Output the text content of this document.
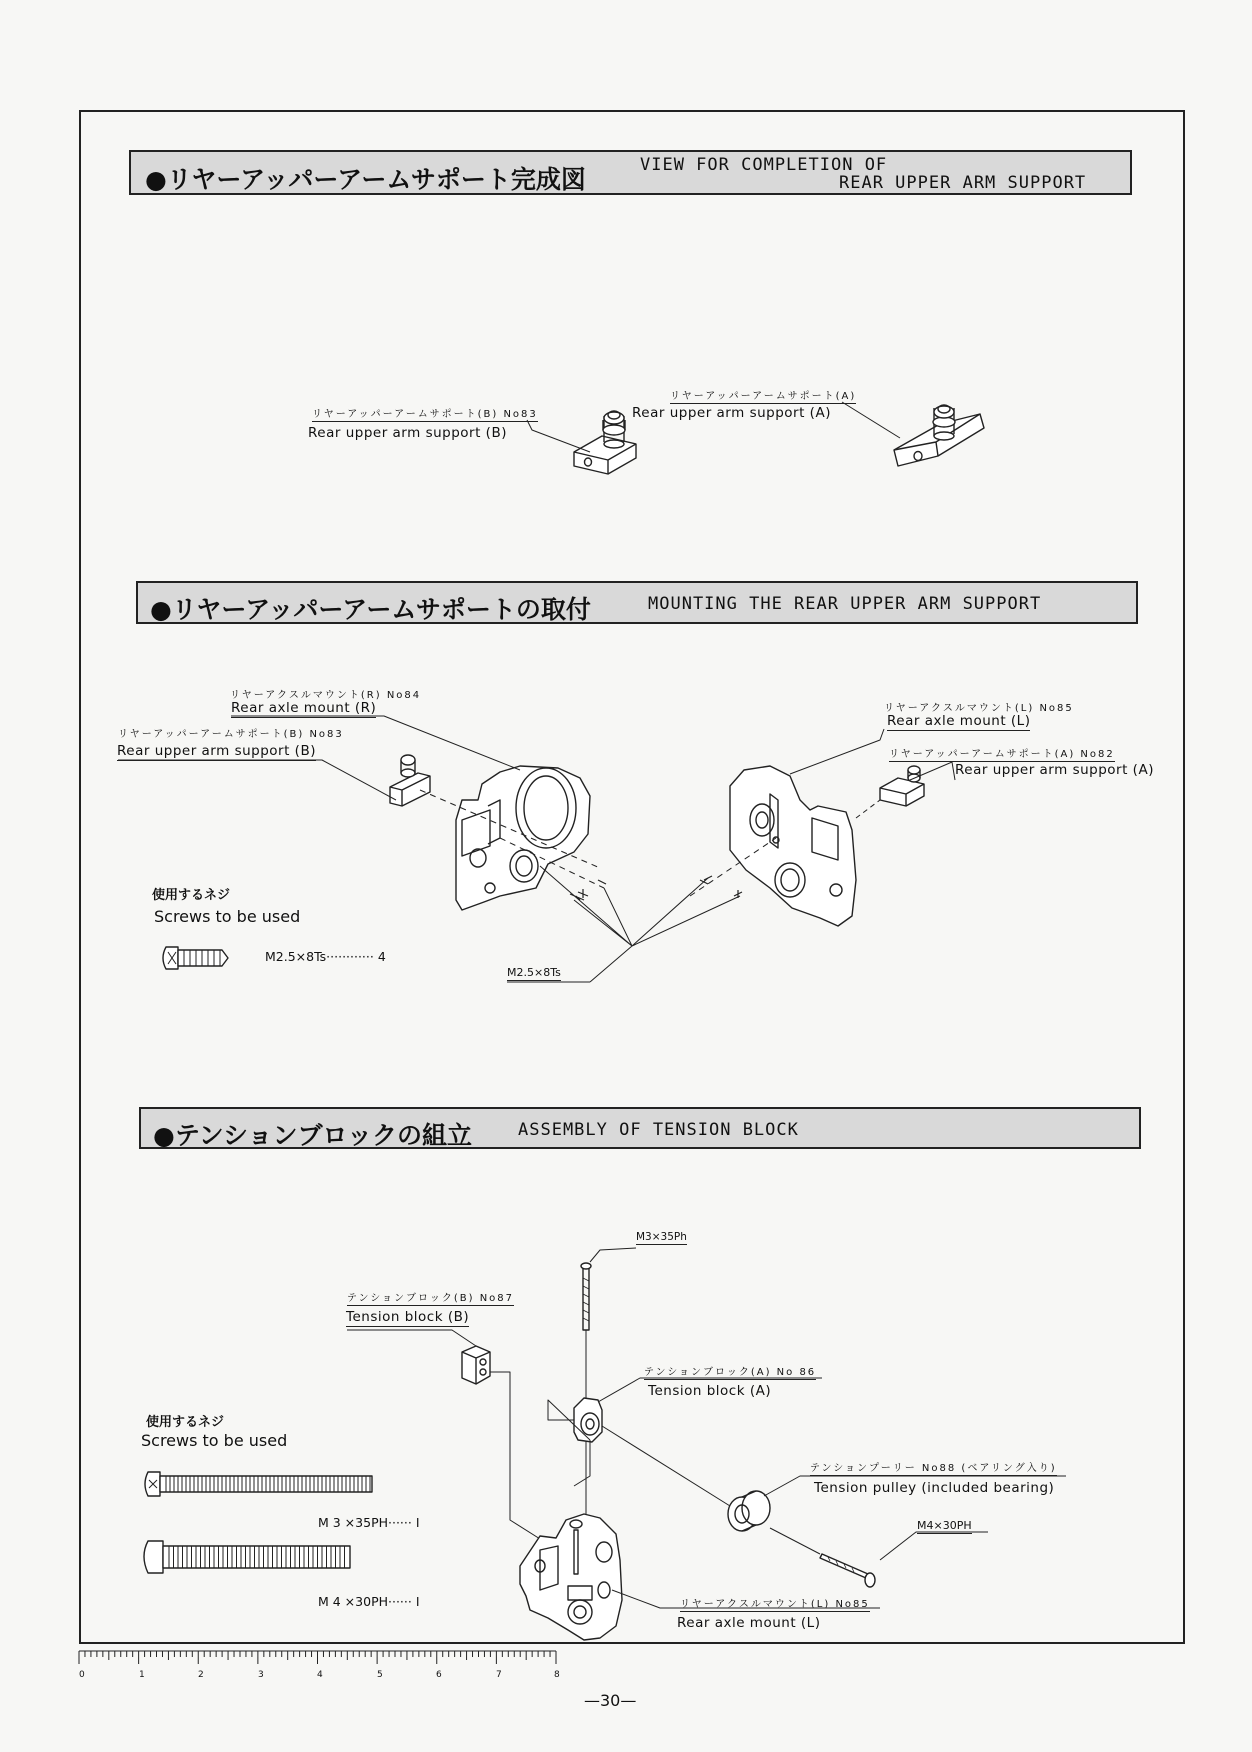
●リヤーアッパーアームサポート完成図	VIEW FOR COMPLETION OF
REAR UPPER ARM SUPPORT
リヤーアッパーアームサポート(B) No83
Rear upper arm support (B)
リヤーアッパーアームサポート(A)
Rear upper arm support (A)
●リヤーアッパーアームサポートの取付	MOUNTING THE REAR UPPER ARM SUPPORT
リヤーアクスルマウント(R) No84
Rear axle mount (R)
リヤーアッパーアームサポート(B) No83
Rear upper arm support (B)
リヤーアクスルマウント(L) No85
Rear axle mount (L)
リヤーアッパーアームサポート(A) No82
Rear upper arm support (A)
M2.5×8Ts
使用するネジ
Screws to be used
M2.5×8Ts············ 4
●テンションブロックの組立	ASSEMBLY OF TENSION BLOCK
M3×35Ph
テンションブロック(B) No87
Tension block (B)
テンションブロック(A) No 86
Tension block (A)
テンションプーリー No88 (ベアリング入り)
Tension pulley (included bearing)
M4×30PH
リヤーアクスルマウント(L) No85
Rear axle mount (L)
使用するネジ
Screws to be used
M 3 ×35PH······ I
M 4 ×30PH······ I
0	1	2	3	4	5	6	7	8
—30—
